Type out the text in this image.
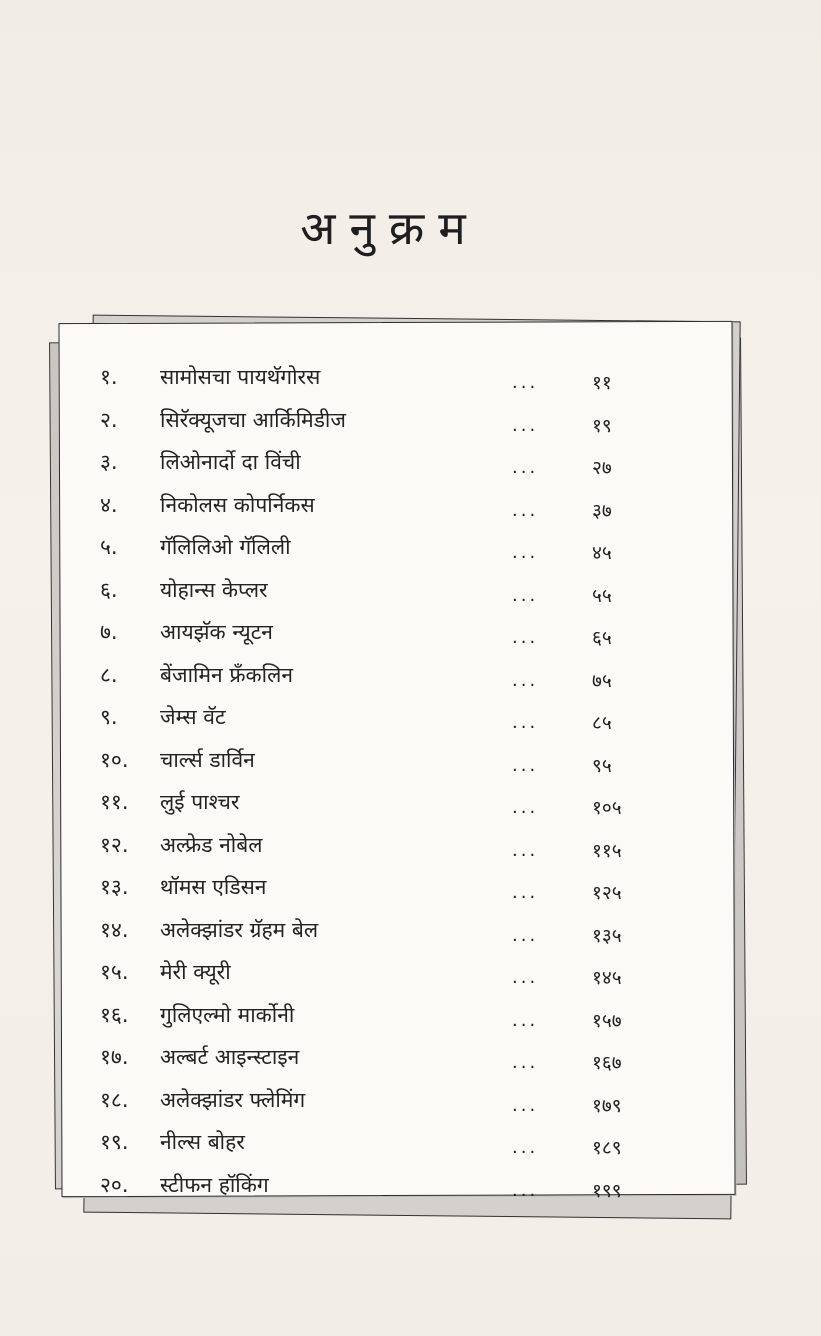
अनुक्रम
१.	सामोसचा पायथॅगोरस	...	११
२.	सिरॅक्यूजचा आर्किमिडीज	...	१९
३.	लिओनार्दो दा विंची	...	२७
४.	निकोलस कोपर्निकस	...	३७
५.	गॅलिलिओ गॅलिली	...	४५
६.	योहान्स केप्लर	...	५५
७.	आयझॅक न्यूटन	...	६५
८.	बेंजामिन फ्रँकलिन	...	७५
९.	जेम्स वॅट	...	८५
१०.	चार्ल्स डार्विन	...	९५
११.	लुई पाश्चर	...	१०५
१२.	अल्फ्रेड नोबेल	...	११५
१३.	थॉमस एडिसन	...	१२५
१४.	अलेक्झांडर ग्रॅहम बेल	...	१३५
१५.	मेरी क्यूरी	...	१४५
१६.	गुलिएल्मो मार्कोनी	...	१५७
१७.	अल्बर्ट आइन्स्टाइन	...	१६७
१८.	अलेक्झांडर फ्लेमिंग	...	१७९
१९.	नील्स बोहर	...	१८९
२०.	स्टीफन हॉकिंग	...	१९९
